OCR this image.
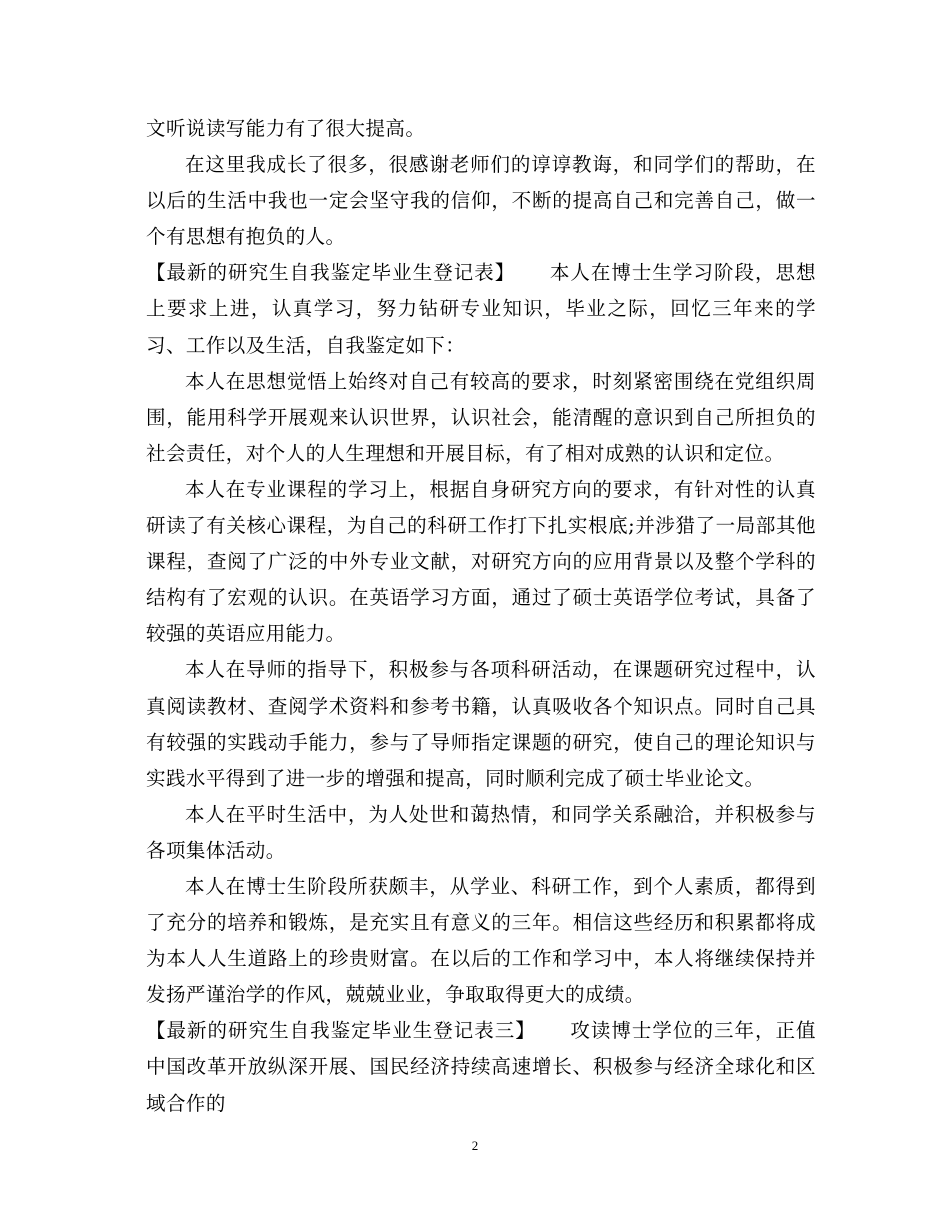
文听说读写能力有了很大提高。

在这里我成长了很多，很感谢老师们的谆谆教诲，和同学们的帮助，在以后的生活中我也一定会坚守我的信仰，不断的提高自己和完善自己，做一个有思想有抱负的人。

【最新的研究生自我鉴定毕业生登记表】 本人在博士生学习阶段，思想上要求上进，认真学习，努力钻研专业知识，毕业之际，回忆三年来的学习、工作以及生活，自我鉴定如下：

本人在思想觉悟上始终对自己有较高的要求，时刻紧密围绕在党组织周围，能用科学开展观来认识世界，认识社会，能清醒的意识到自己所担负的社会责任，对个人的人生理想和开展目标，有了相对成熟的认识和定位。

本人在专业课程的学习上，根据自身研究方向的要求，有针对性的认真研读了有关核心课程，为自己的科研工作打下扎实根底;并涉猎了一局部其他课程，查阅了广泛的中外专业文献，对研究方向的应用背景以及整个学科的结构有了宏观的认识。在英语学习方面，通过了硕士英语学位考试，具备了较强的英语应用能力。

本人在导师的指导下，积极参与各项科研活动，在课题研究过程中，认真阅读教材、查阅学术资料和参考书籍，认真吸收各个知识点。同时自己具有较强的实践动手能力，参与了导师指定课题的研究，使自己的理论知识与实践水平得到了进一步的增强和提高，同时顺利完成了硕士毕业论文。

本人在平时生活中，为人处世和蔼热情，和同学关系融洽，并积极参与各项集体活动。

本人在博士生阶段所获颇丰，从学业、科研工作，到个人素质，都得到了充分的培养和锻炼，是充实且有意义的三年。相信这些经历和积累都将成为本人人生道路上的珍贵财富。在以后的工作和学习中，本人将继续保持并发扬严谨治学的作风，兢兢业业，争取取得更大的成绩。

【最新的研究生自我鉴定毕业生登记表三】 攻读博士学位的三年，正值中国改革开放纵深开展、国民经济持续高速增长、积极参与经济全球化和区域合作的

2
